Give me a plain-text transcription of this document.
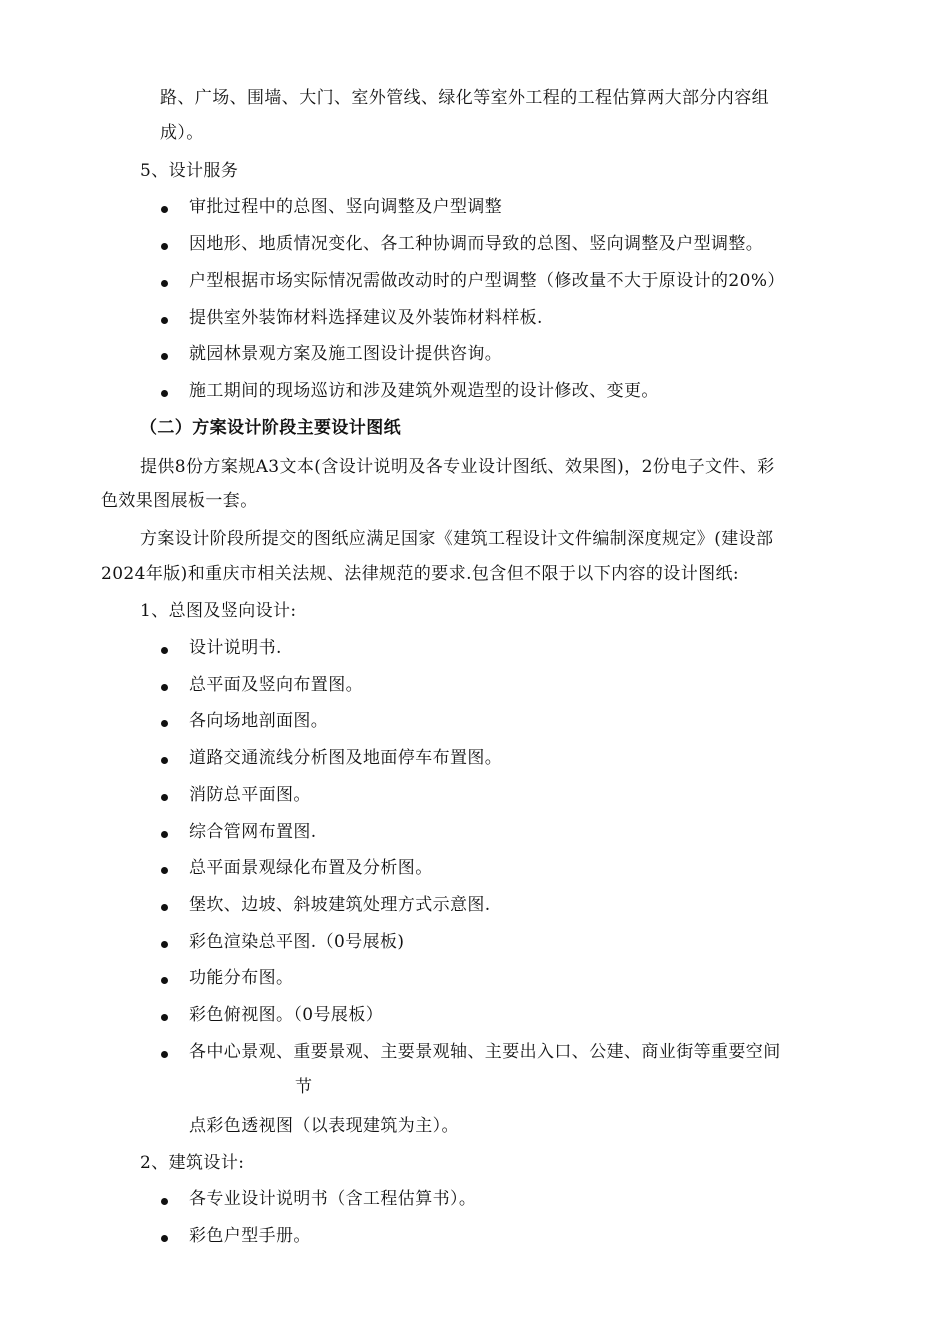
路、广场、围墙、大门、室外管线、绿化等室外工程的工程估算两大部分内容组

成）。

5、设计服务

审批过程中的总图、竖向调整及户型调整

因地形、地质情况变化、各工种协调而导致的总图、竖向调整及户型调整。

户型根据市场实际情况需做改动时的户型调整（修改量不大于原设计的20%）

提供室外装饰材料选择建议及外装饰材料样板.

就园林景观方案及施工图设计提供咨询。

施工期间的现场巡访和涉及建筑外观造型的设计修改、变更。

（二）方案设计阶段主要设计图纸

提供8份方案规A3文本(含设计说明及各专业设计图纸、效果图)，2份电子文件、彩

色效果图展板一套。

方案设计阶段所提交的图纸应满足国家《建筑工程设计文件编制深度规定》(建设部

2024年版)和重庆市相关法规、法律规范的要求.包含但不限于以下内容的设计图纸:

1、总图及竖向设计:

设计说明书.

总平面及竖向布置图。

各向场地剖面图。

道路交通流线分析图及地面停车布置图。

消防总平面图。

综合管网布置图.

总平面景观绿化布置及分析图。

堡坎、边坡、斜坡建筑处理方式示意图.

彩色渲染总平图.（0号展板)

功能分布图。

彩色俯视图。（0号展板）

各中心景观、重要景观、主要景观轴、主要出入口、公建、商业街等重要空间

节

点彩色透视图（以表现建筑为主）。

2、建筑设计:

各专业设计说明书（含工程估算书）。

彩色户型手册。
